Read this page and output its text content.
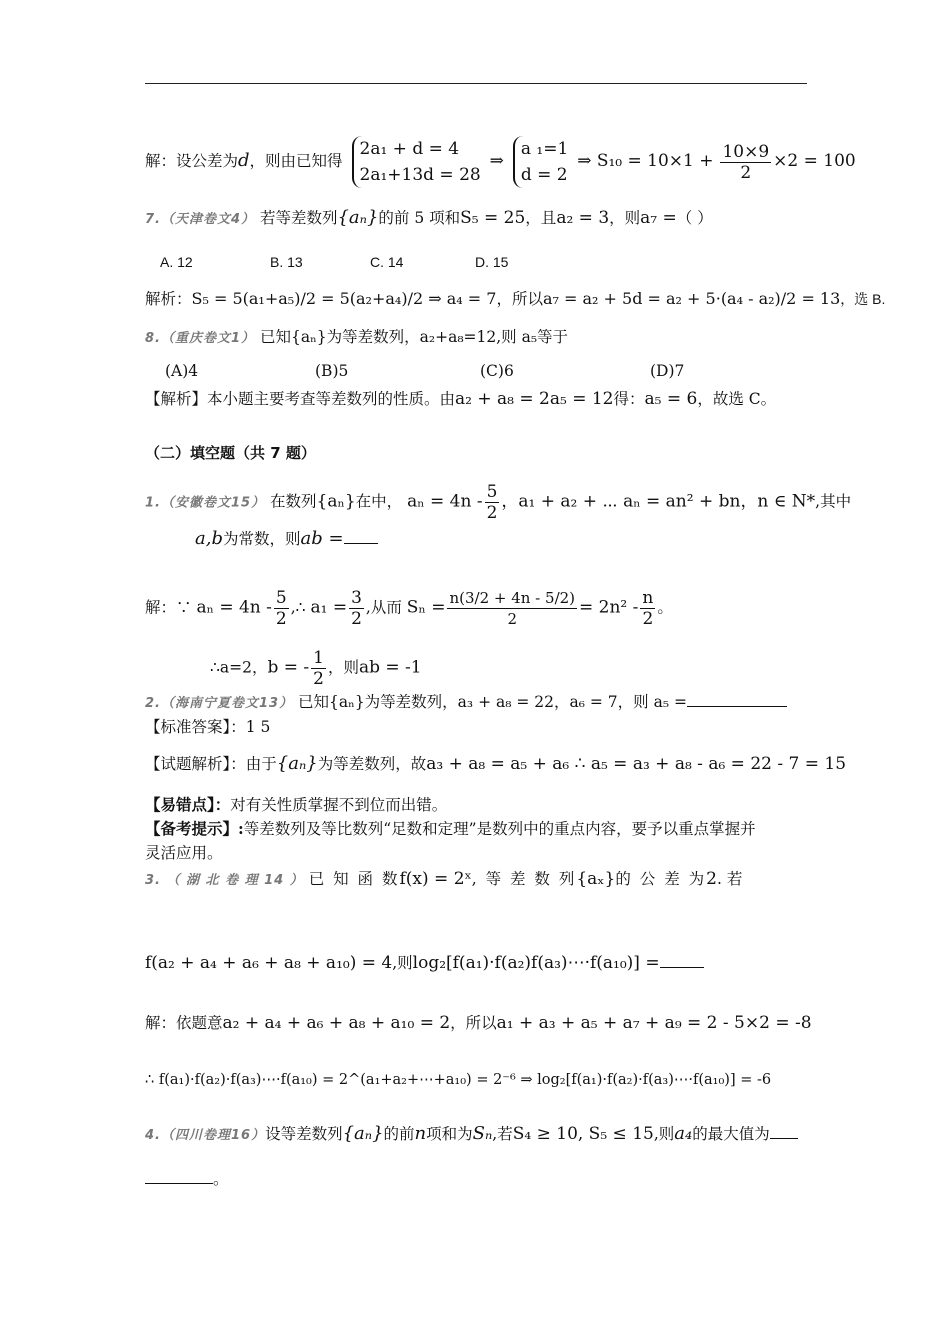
解：设公差为d，则由已知得
2a₁ + d = 4
2a₁+13d = 28
⇒
a ₁=1
d = 2
⇒ $S_{10} = 10\times 1 + \frac{10\times 9}{2} \times 2 = 100$
7.（天津卷文4） 若等差数列{aₙ}的前 5 项和S₅ = 25，且a₂ = 3，则a₇ =（ ）
A. 12	B. 13	C. 14	D. 15
解析：S₅ = 5(a₁+a₅)/2 = 5(a₂+a₄)/2 ⇒ a₄ = 7，所以a₇ = a₂ + 5d = a₂ + 5·(a₄ - a₂)/2 = 13，选 B.
8.（重庆卷文1） 已知{aₙ}为等差数列，a₂+a₈=12,则 a₅等于
(A)4	(B)5	(C)6	(D)7
【解析】本小题主要考查等差数列的性质。由a₂ + a₈ = 2a₅ = 12得：a₅ = 6，故选 C。
（二）填空题（共 7 题）
1.（安徽卷文15） 在数列{aₙ}在中， $a_n = 4n - \frac{5}{2}$ ，a₁ + a₂ + ⋯ aₙ = an² + bn，n ∈ N*,其中
a,b为常数，则ab =
解：∵ $a_n = 4n - \frac{5}{2}$ ,∴ $a_1 = \frac{3}{2}$ ,从而 $S_n = \frac{n(3/2 + 4n - 5/2)}{2} = 2n^2 - \frac{n}{2}$ 。
∴a=2，b = - $\frac{1}{2}$ ，则ab = -1
2.（海南宁夏卷文13） 已知{aₙ}为等差数列，a₃ + a₈ = 22，a₆ = 7，则 a₅ =
【标准答案】：1 5
【试题解析】：由于{aₙ}为等差数列，故a₃ + a₈ = a₅ + a₆ ∴ a₅ = a₃ + a₈ - a₆ = 22 - 7 = 15
【易错点】：对有关性质掌握不到位而出错。
【备考提示】:等差数列及等比数列“足数和定理”是数列中的重点内容，要予以重点掌握并
灵活应用。
3. （ 湖 北 卷 理 14 ） 已 知 函 数f(x) = 2ˣ, 等 差 数 列{aₓ}的 公 差 为2. 若
f(a₂ + a₄ + a₆ + a₈ + a₁₀) = 4,则log₂[f(a₁)·f(a₂)f(a₃)⋯·f(a₁₀)] =
解：依题意a₂ + a₄ + a₆ + a₈ + a₁₀ = 2，所以a₁ + a₃ + a₅ + a₇ + a₉ = 2 - 5×2 = -8
∴ f(a₁)·f(a₂)·f(a₃)⋯·f(a₁₀) = 2^(a₁+a₂+⋯+a₁₀) = 2⁻⁶ ⇒ log₂[f(a₁)·f(a₂)·f(a₃)⋯·f(a₁₀)] = -6
4.（四川卷理16）设等差数列{aₙ}的前n项和为Sₙ,若S₄ ≥ 10, S₅ ≤ 15,则a₄的最大值为
。
